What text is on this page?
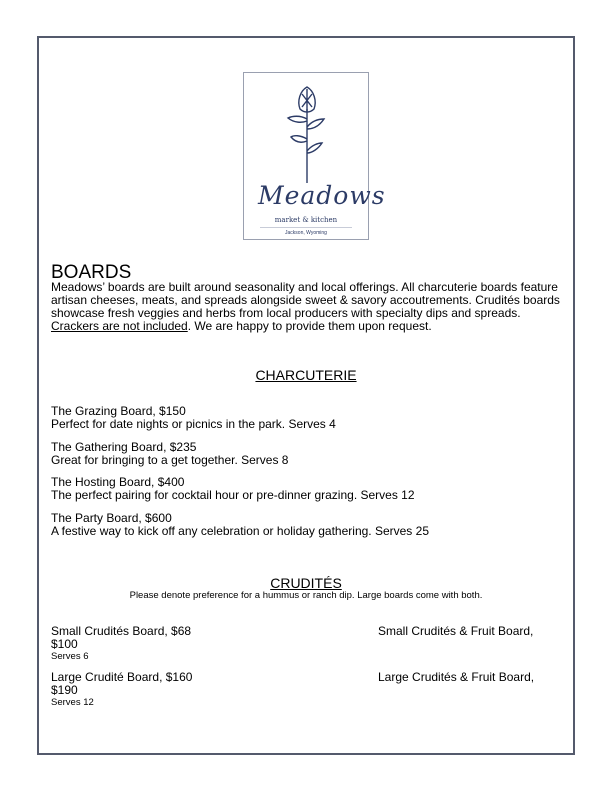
Meadows
market & kitchen
Jackson, Wyoming
BOARDS
Meadows’ boards are built around seasonality and local offerings. All charcuterie boards feature
artisan cheeses, meats, and spreads alongside sweet & savory accoutrements. Crudités boards
showcase fresh veggies and herbs from local producers with specialty dips and spreads.
Crackers are not included. We are happy to provide them upon request.
CHARCUTERIE
The Grazing Board, $150
Perfect for date nights or picnics in the park. Serves 4
The Gathering Board, $235
Great for bringing to a get together. Serves 8
The Hosting Board, $400
The perfect pairing for cocktail hour or pre-dinner grazing. Serves 12
The Party Board, $600
A festive way to kick off any celebration or holiday gathering. Serves 25
CRUDITÉS
Please denote preference for a hummus or ranch dip. Large boards come with both.
Small Crudités Board, $68
$100
Serves 6
Small Crudités & Fruit Board,
Large Crudité Board, $160
$190
Serves 12
Large Crudités & Fruit Board,
